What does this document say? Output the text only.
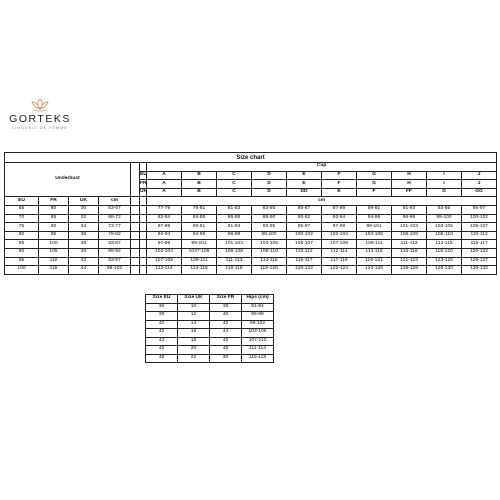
GORTEKS
LINGERIE DE FEMME
Size chart															
Underbust						Cup									
					EU	A	B	C	D	E	F	G	H	I	J
					FR	A	B	C	D	E	F	G	H	I	J
					UK	A	B	C	D	DD	E	F	FF	G	GG
EU	FR	UK	cm			cm									
65	80	30	63-67			77-79	79-81	81-83	83-85	85-87	87-89	89-91	91-93	93-95	95-97
70	85	32	68-72			82-84	84-86	86-88	88-90	90-92	92-94	94-96	96-98	98-100	100-102
75	90	34	73-77			87-89	89-91	91-93	93-95	95-97	97-99	99-101	101-103	103-105	105-107
80	95	36	78-82			92-94	94-96	96-98	98-100	100-102	102-104	104-106	106-108	108-110	110-112
85	100	38	83-87			97-99	99-101	101-103	103-105	105-107	107-109	109-111	111-113	113-115	115-117
90	105	40	88-92			102-104	1047-106	106-108	108-110	110-112	112-114	114-116	116-118	118-120	120-122
95	110	42	83-97			107-109	109-111	111-113	113-115	115-117	117-119	119-121	121-123	123-125	125-127
100	115	44	98-102			112-114	114-116	116-118	118-120	120-122	122-124	124-126	126-128	128-130	130-132
Size EU	Size UK	Size FR	Hips (cm)
36	10	38	91-94
38	12	40	95-98
40	14	42	99-102
42	16	44	103-106
44	18	46	107-110
46	20	48	111-114
48	22	30	115-118
